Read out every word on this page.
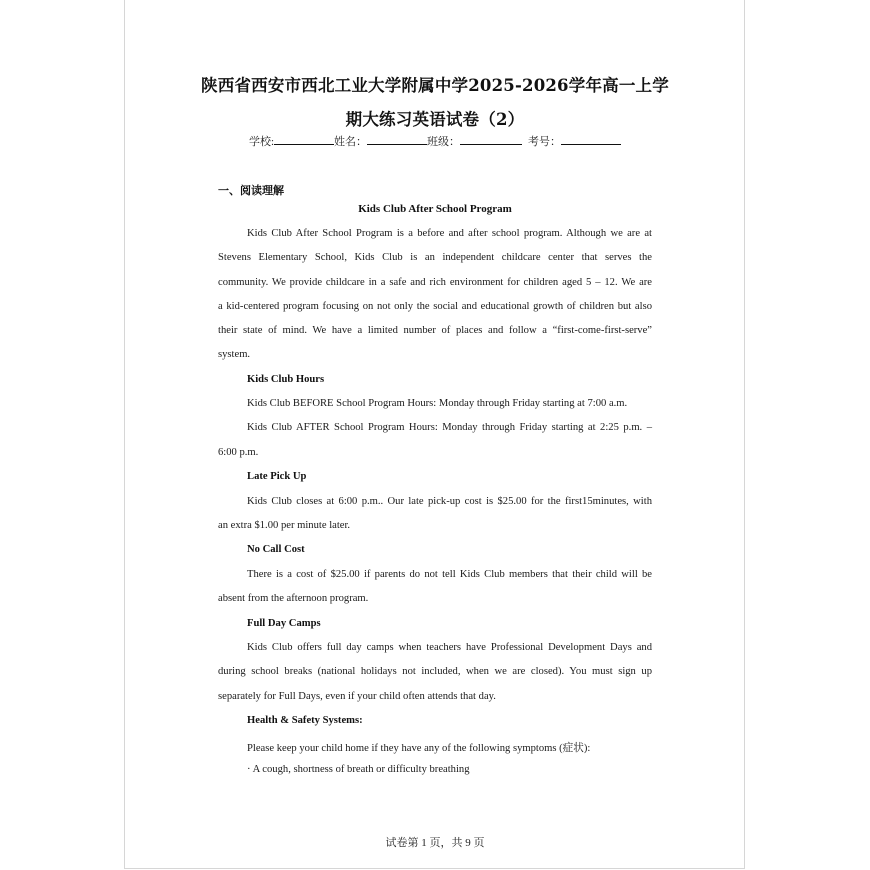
陕西省西安市西北工业大学附属中学2025-2026学年高一上学
期大练习英语试卷（2）
学校:	姓名：	班级：	考号：
一、阅读理解
Kids Club After School Program
Kids Club After School Program is a before and after school program. Although we are at
Stevens Elementary School, Kids Club is an independent childcare center that serves the
community. We provide childcare in a safe and rich environment for children aged 5 – 12. We are
a kid-centered program focusing on not only the social and educational growth of children but also
their state of mind. We have a limited number of places and follow a “first-come-first-serve”
system.
Kids Club Hours
Kids Club BEFORE School Program Hours: Monday through Friday starting at 7:00 a.m.
Kids Club AFTER School Program Hours: Monday through Friday starting at 2:25 p.m. –
6:00 p.m.
Late Pick Up
Kids Club closes at 6:00 p.m.. Our late pick-up cost is $25.00 for the first15minutes, with
an extra $1.00 per minute later.
No Call Cost
There is a cost of $25.00 if parents do not tell Kids Club members that their child will be
absent from the afternoon program.
Full Day Camps
Kids Club offers full day camps when teachers have Professional Development Days and
during school breaks (national holidays not included, when we are closed). You must sign up
separately for Full Days, even if your child often attends that day.
Health & Safety Systems:
Please keep your child home if they have any of the following symptoms (症状):
· A cough, shortness of breath or difficulty breathing
试卷第 1 页，共 9 页
